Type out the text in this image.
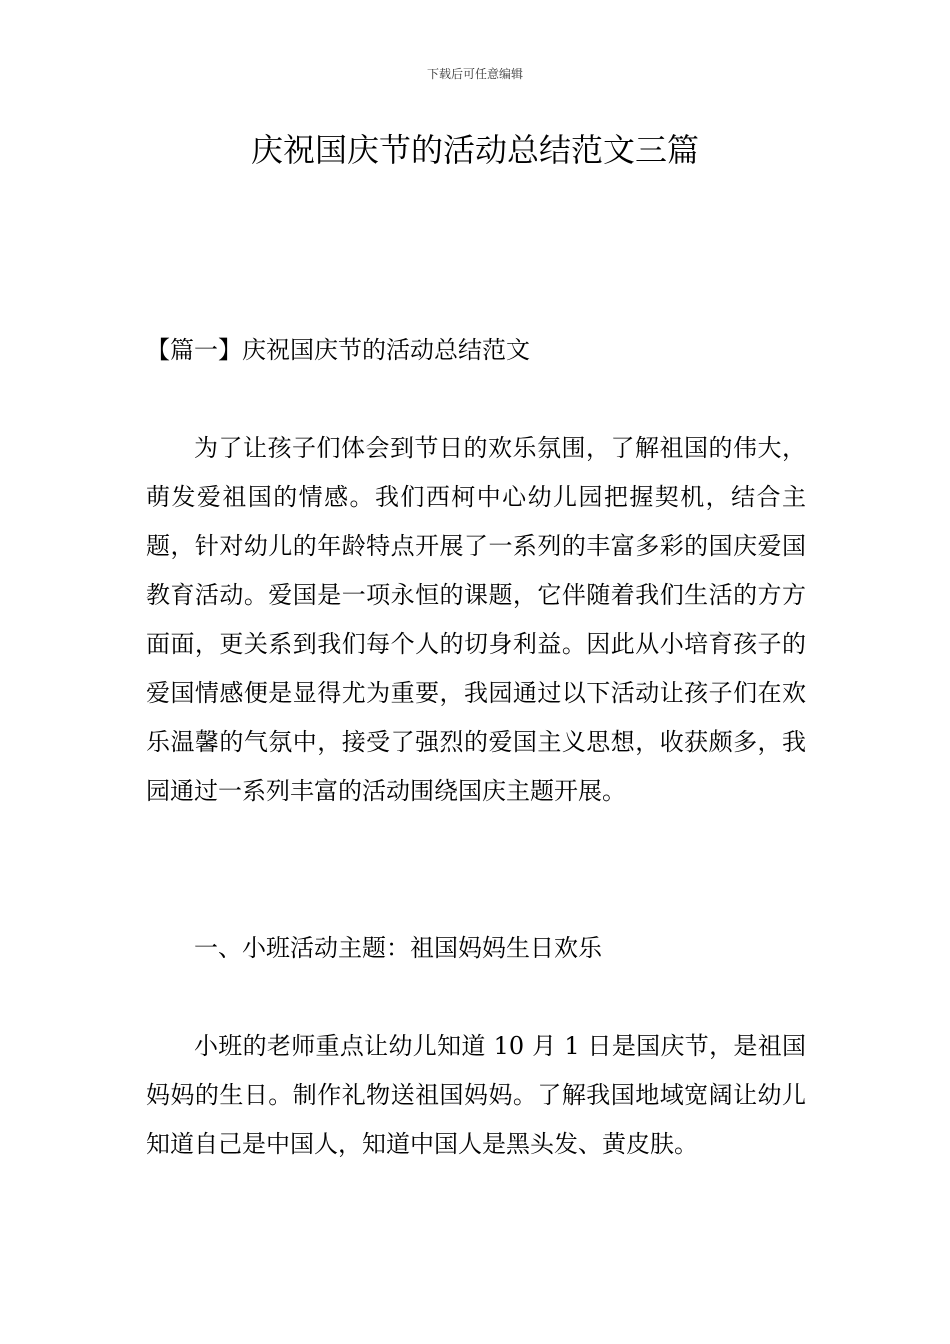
下载后可任意编辑
庆祝国庆节的活动总结范文三篇

【篇一】庆祝国庆节的活动总结范文

为了让孩子们体会到节日的欢乐氛围，了解祖国的伟大，萌发爱祖国的情感。我们西柯中心幼儿园把握契机，结合主题，针对幼儿的年龄特点开展了一系列的丰富多彩的国庆爱国教育活动。爱国是一项永恒的课题，它伴随着我们生活的方方面面，更关系到我们每个人的切身利益。因此从小培育孩子的爱国情感便是显得尤为重要，我园通过以下活动让孩子们在欢乐温馨的气氛中，接受了强烈的爱国主义思想，收获颇多，我园通过一系列丰富的活动围绕国庆主题开展。

一、小班活动主题：祖国妈妈生日欢乐

小班的老师重点让幼儿知道 10 月 1 日是国庆节，是祖国妈妈的生日。制作礼物送祖国妈妈。了解我国地域宽阔让幼儿知道自己是中国人，知道中国人是黑头发、黄皮肤。
